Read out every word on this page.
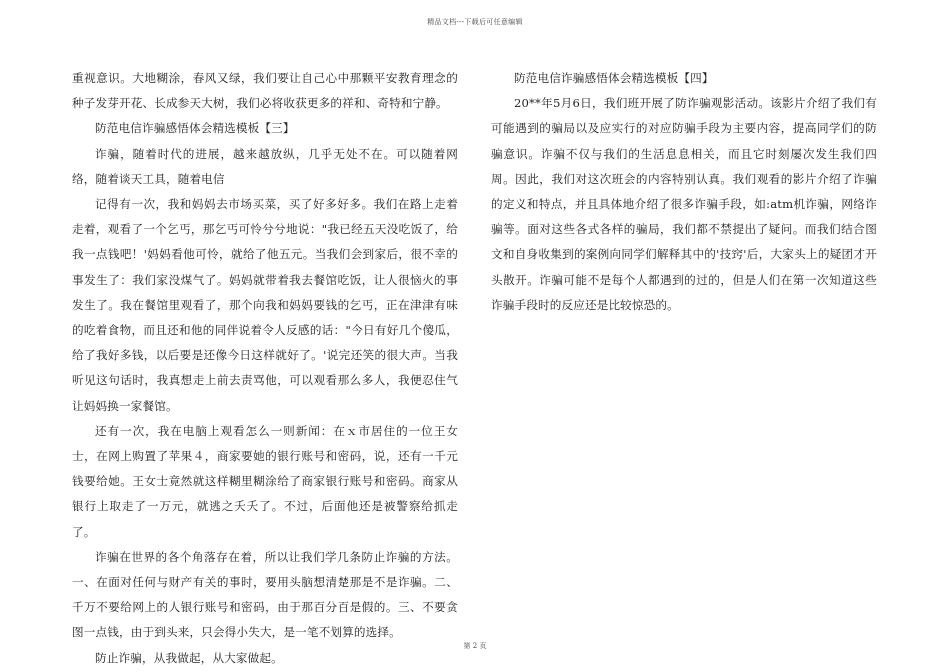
精品文档---下载后可任意编辑

重视意识。大地糊涂，春风又绿，我们要让自己心中那颗平安教育理念的种子发芽开花、长成参天大树，我们必将收获更多的祥和、奇特和宁静。

防范电信诈骗感悟体会精选模板【三】

诈骗，随着时代的进展，越来越放纵，几乎无处不在。可以随着网络，随着谈天工具，随着电信

记得有一次，我和妈妈去市场买菜，买了好多好多。我们在路上走着走着，观看了一个乞丐，那乞丐可怜兮兮地说："我已经五天没吃饭了，给我一点钱吧！'妈妈看他可怜，就给了他五元。当我们会到家后，很不幸的事发生了：我们家没煤气了。妈妈就带着我去餐馆吃饭，让人很恼火的事发生了。我在餐馆里观看了，那个向我和妈妈要钱的乞丐，正在津津有味的吃着食物，而且还和他的同伴说着令人反感的话："今日有好几个傻瓜，给了我好多钱，以后要是还像今日这样就好了。'说完还笑的很大声。当我听见这句话时，我真想走上前去责骂他，可以观看那么多人，我便忍住气让妈妈换一家餐馆。

还有一次，我在电脑上观看怎么一则新闻：在ｘ市居住的一位王女士，在网上购置了苹果４，商家要她的银行账号和密码，说，还有一千元钱要给她。王女士竟然就这样糊里糊涂给了商家银行账号和密码。商家从银行上取走了一万元，就逃之夭夭了。不过，后面他还是被警察给抓走了。

诈骗在世界的各个角落存在着，所以让我们学几条防止诈骗的方法。一、在面对任何与财产有关的事时，要用头脑想清楚那是不是诈骗。二、千万不要给网上的人银行账号和密码，由于那百分百是假的。三、不要贪图一点钱，由于到头来，只会得小失大，是一笔不划算的选择。

防止诈骗，从我做起，从大家做起。

防范电信诈骗感悟体会精选模板【四】

20**年5月6日，我们班开展了防诈骗观影活动。该影片介绍了我们有可能遇到的骗局以及应实行的对应防骗手段为主要内容，提高同学们的防骗意识。诈骗不仅与我们的生活息息相关，而且它时刻屡次发生我们四周。因此，我们对这次班会的内容特别认真。我们观看的影片介绍了诈骗的定义和特点，并且具体地介绍了很多诈骗手段，如:atm机诈骗，网络诈骗等。面对这些各式各样的骗局，我们都不禁提出了疑问。而我们结合图文和自身收集到的案例向同学们解释其中的'技窍'后，大家头上的疑团才开头散开。诈骗可能不是每个人都遇到的过的，但是人们在第一次知道这些诈骗手段时的反应还是比较惊恐的。

第 2 页
